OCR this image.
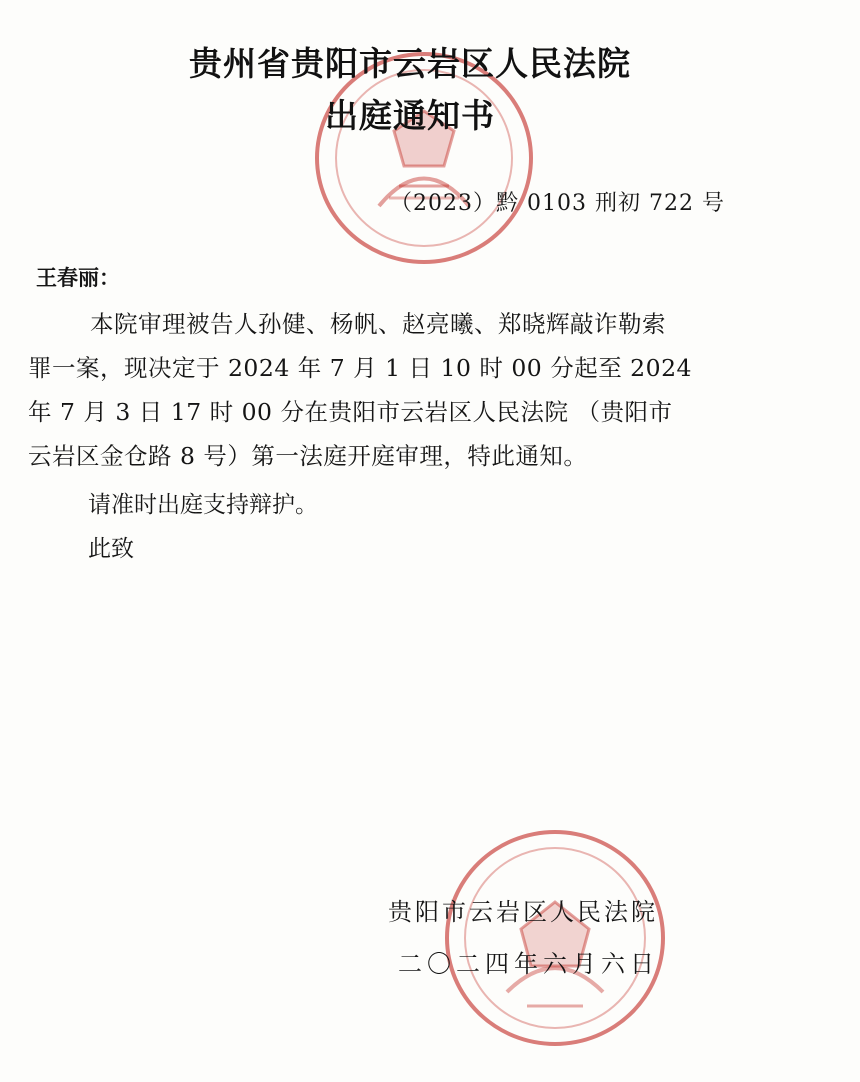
贵州省贵阳市云岩区人民法院
出庭通知书
（2023）黔 0103 刑初 722 号
王春丽：

本院审理被告人孙健、杨帆、赵亮曦、郑晓辉敲诈勒索

罪一案，现决定于 2024 年 7 月 1 日 10 时 00 分起至 2024

年 7 月 3 日 17 时 00 分在贵阳市云岩区人民法院 （贵阳市

云岩区金仓路 8 号）第一法庭开庭审理，特此通知。

请准时出庭支持辩护。
此致
贵阳市云岩区人民法院
二〇二四年六月六日
